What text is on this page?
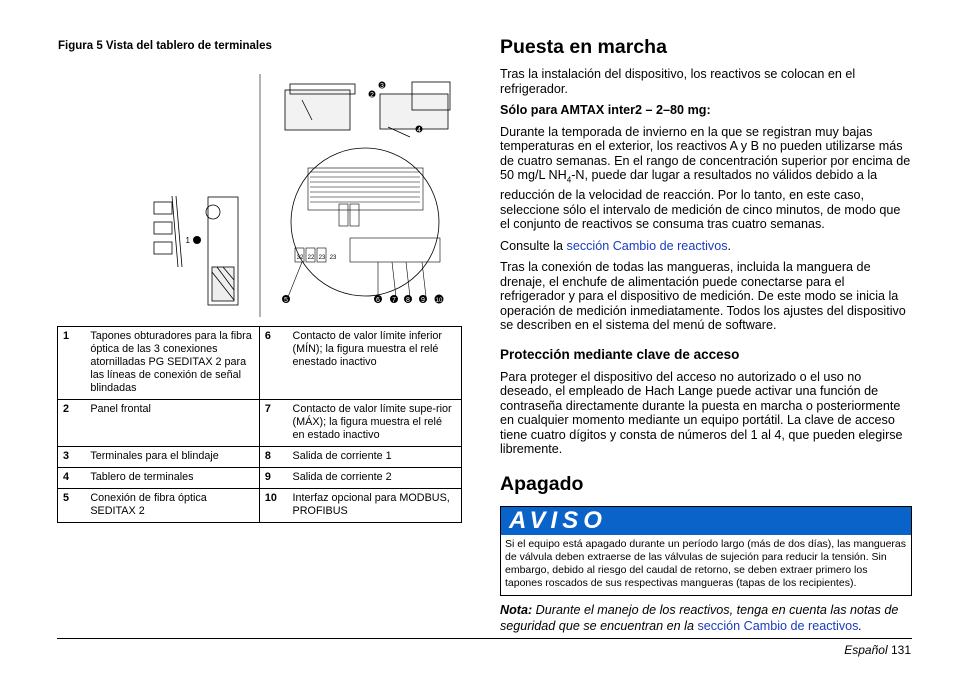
Figura 5 Vista del tablero de terminales
1
2
3
4
32 22 23 23
5	6 7 8 9 10
1	Tapones obturadores para la fibra óptica de las 3 conexiones atornilladas PG SEDITAX 2 para las líneas de conexión de señal blindadas	6	Contacto de valor límite inferior (MÍN); la figura muestra el relé enestado inactivo
2	Panel frontal	7	Contacto de valor límite supe-rior (MÁX); la figura muestra el relé en estado inactivo
3	Terminales para el blindaje	8	Salida de corriente 1
4	Tablero de terminales	9	Salida de corriente 2
5	Conexión de fibra óptica SEDITAX 2	10	Interfaz opcional para MODBUS, PROFIBUS
Puesta en marcha

Tras la instalación del dispositivo, los reactivos se colocan en el refrigerador.

Sólo para AMTAX inter2 – 2–80 mg:

Durante la temporada de invierno en la que se registran muy bajas temperaturas en el exterior, los reactivos A y B no pueden utilizarse más de cuatro semanas. En el rango de concentración superior por encima de 50 mg/L $NH_4-N$, puede dar lugar a resultados no válidos debido a la reducción de la velocidad de reacción. Por lo tanto, en este caso, seleccione sólo el intervalo de medición de cinco minutos, de modo que el conjunto de reactivos se consuma tras cuatro semanas.

Consulte la sección Cambio de reactivos.

Tras la conexión de todas las mangueras, incluida la manguera de drenaje, el enchufe de alimentación puede conectarse para el refrigerador y para el dispositivo de medición. De este modo se inicia la operación de medición inmediatamente. Todos los ajustes del dispositivo se describen en el sistema del menú de software.

Protección mediante clave de acceso

Para proteger el dispositivo del acceso no autorizado o el uso no deseado, el empleado de Hach Lange puede activar una función de contraseña directamente durante la puesta en marcha o posteriormente en cualquier momento mediante un equipo portátil. La clave de acceso tiene cuatro dígitos y consta de números del 1 al 4, que pueden elegirse libremente.

Apagado
AVISO
Si el equipo está apagado durante un período largo (más de dos días), las mangueras de válvula deben extraerse de las válvulas de sujeción para reducir la tensión. Sin embargo, debido al riesgo del caudal de retorno, se deben extraer primero los tapones roscados de sus respectivas mangueras (tapas de los recipientes).
Nota: Durante el manejo de los reactivos, tenga en cuenta las notas de seguridad que se encuentran en la sección Cambio de reactivos.
Español 131
